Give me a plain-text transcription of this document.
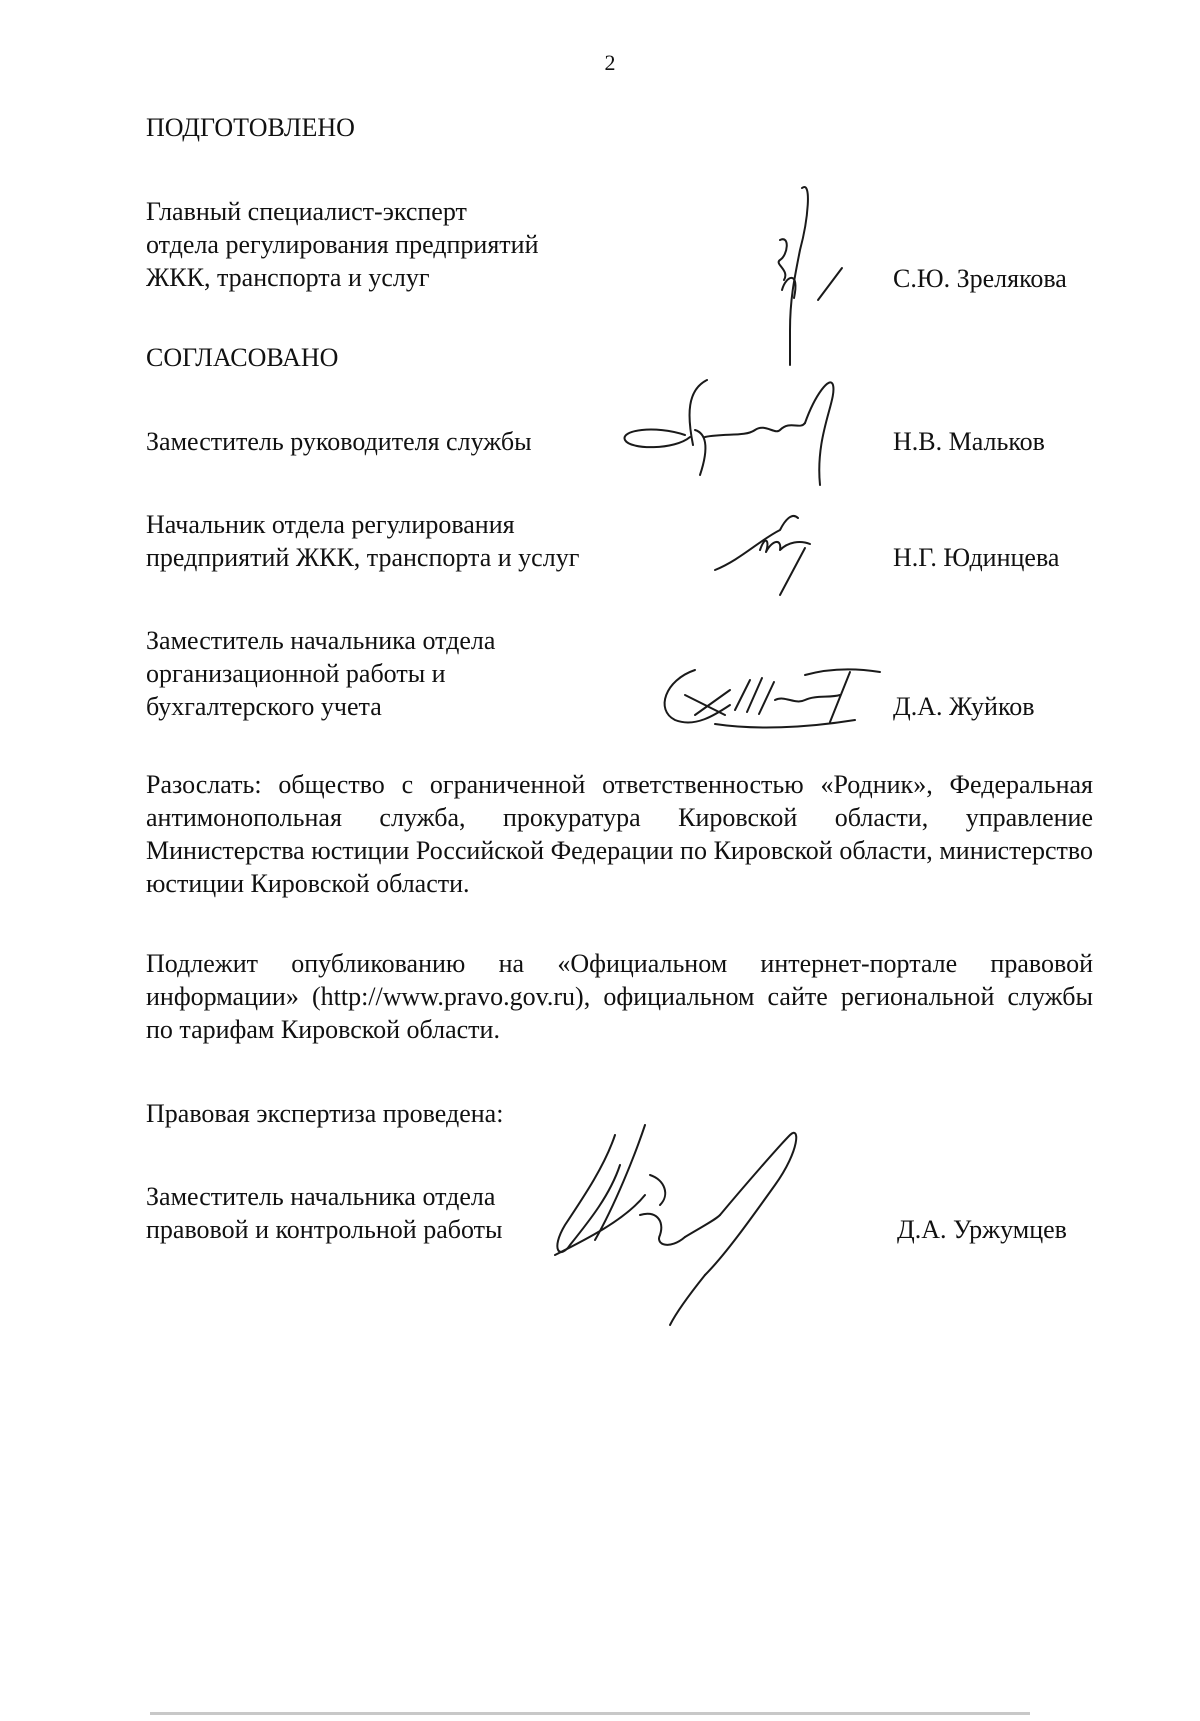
2
ПОДГОТОВЛЕНО
Главный специалист-эксперт
отдела регулирования предприятий
ЖКК, транспорта и услуг	С.Ю. Зрелякова
СОГЛАСОВАНО
Заместитель руководителя службы	Н.В. Мальков
Начальник отдела регулирования
предприятий ЖКК, транспорта и услуг	Н.Г. Юдинцева
Заместитель начальника отдела
организационной работы и
бухгалтерского учета	Д.А. Жуйков
Разослать: общество с ограниченной ответственностью «Родник», Федеральная антимонопольная служба, прокуратура Кировской области, управление Министерства юстиции Российской Федерации по Кировской области, министерство юстиции Кировской области.
Подлежит опубликованию на «Официальном интернет-портале правовой информации» (http://www.pravo.gov.ru), официальном сайте региональной службы по тарифам Кировской области.
Правовая экспертиза проведена:
Заместитель начальника отдела
правовой и контрольной работы	Д.А. Уржумцев
